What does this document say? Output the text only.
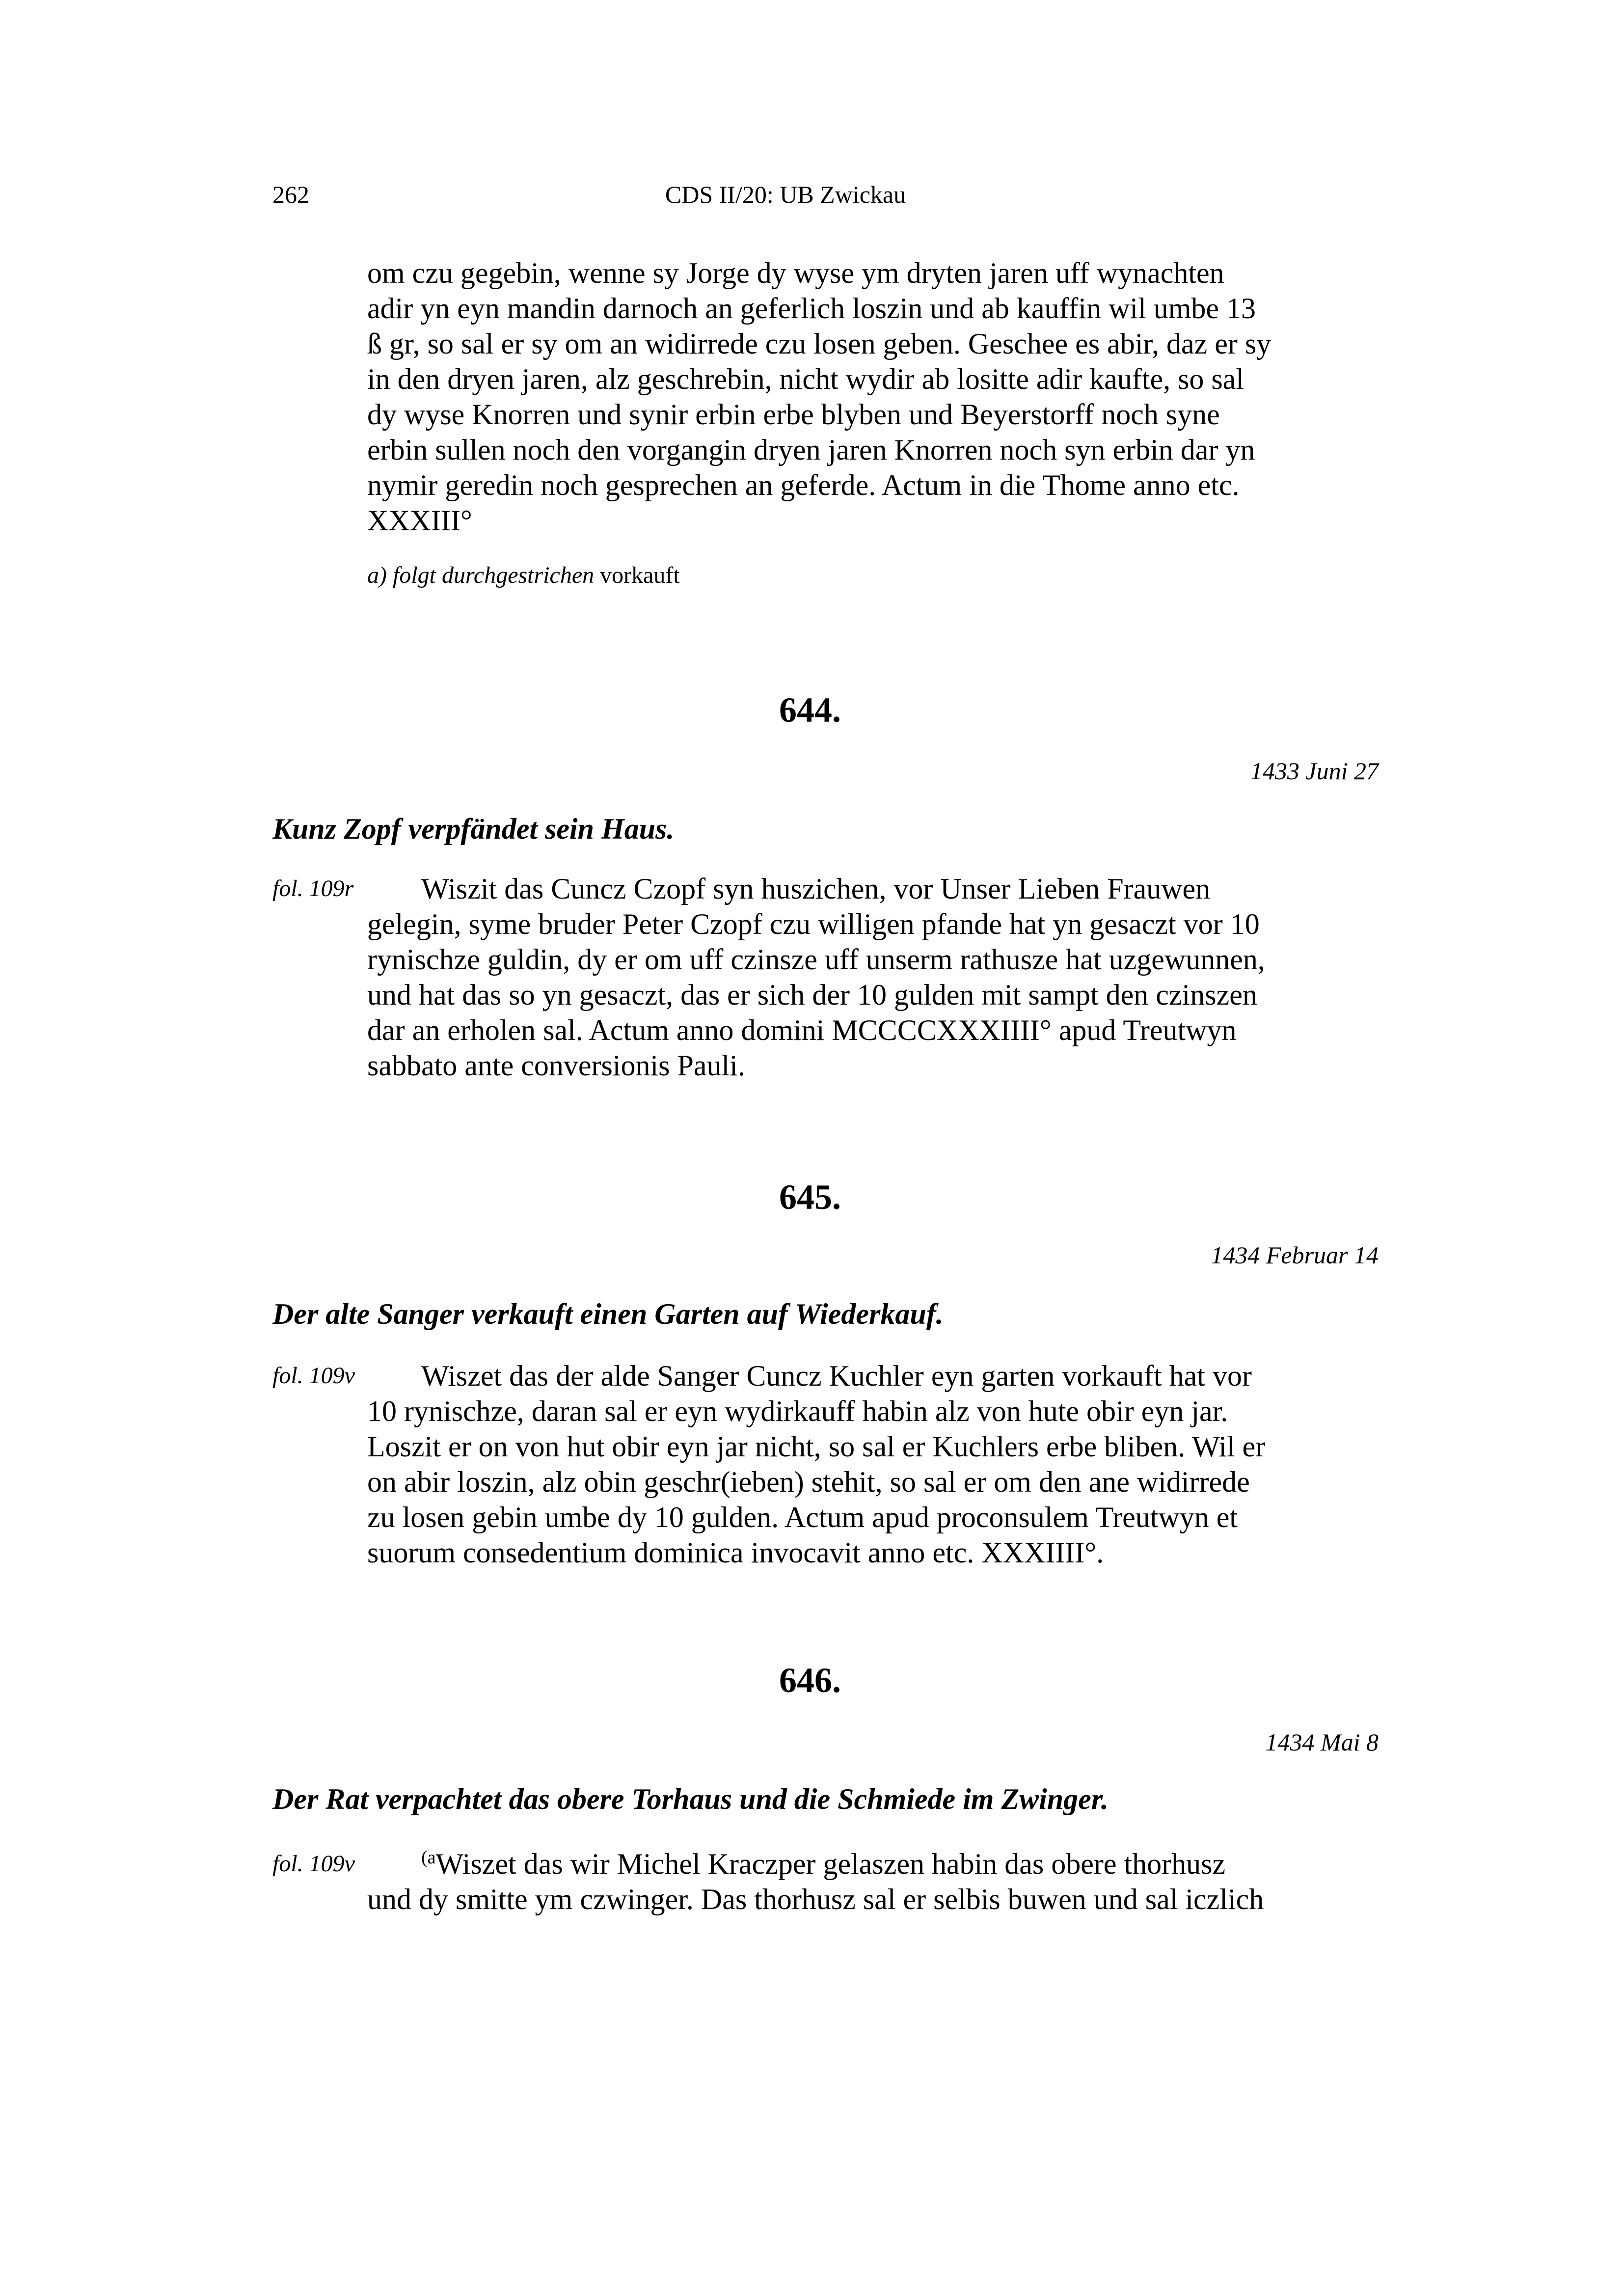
262	CDS II/20: UB Zwickau

om czu gegebin, wenne sy Jorge dy wyse ym dryten jaren uff wynachten

adir yn eyn mandin darnoch an geferlich loszin und ab kauffin wil umbe 13

ß gr, so sal er sy om an widirrede czu losen geben. Geschee es abir, daz er sy

in den dryen jaren, alz geschrebin, nicht wydir ab lositte adir kaufte, so sal

dy wyse Knorren und synir erbin erbe blyben und Beyerstorff noch syne

erbin sullen noch den vorgangin dryen jaren Knorren noch syn erbin dar yn

nymir geredin noch gesprechen an geferde. Actum in die Thome anno etc.

XXXIII°

a) folgt durchgestrichen vorkauft
644.
1433 Juni 27
Kunz Zopf verpfändet sein Haus.
fol. 109r	Wiszit das Cuncz Czopf syn huszichen, vor Unser Lieben Frauwen

gelegin, syme bruder Peter Czopf czu willigen pfande hat yn gesaczt vor 10

rynischze guldin, dy er om uff czinsze uff unserm rathusze hat uzgewunnen,

und hat das so yn gesaczt, das er sich der 10 gulden mit sampt den czinszen

dar an erholen sal. Actum anno domini MCCCCXXXIIII° apud Treutwyn

sabbato ante conversionis Pauli.

645.
1434 Februar 14
Der alte Sanger verkauft einen Garten auf Wiederkauf.
fol. 109v	Wiszet das der alde Sanger Cuncz Kuchler eyn garten vorkauft hat vor

10 rynischze, daran sal er eyn wydirkauff habin alz von hute obir eyn jar.

Loszit er on von hut obir eyn jar nicht, so sal er Kuchlers erbe bliben. Wil er

on abir loszin, alz obin geschr(ieben) stehit, so sal er om den ane widirrede

zu losen gebin umbe dy 10 gulden. Actum apud proconsulem Treutwyn et

suorum consedentium dominica invocavit anno etc. XXXIIII°.

646.
1434 Mai 8
Der Rat verpachtet das obere Torhaus und die Schmiede im Zwinger.
fol. 109v	$^{(a}$Wiszet das wir Michel Kraczper gelaszen habin das obere thorhusz

und dy smitte ym czwinger. Das thorhusz sal er selbis buwen und sal iczlich
